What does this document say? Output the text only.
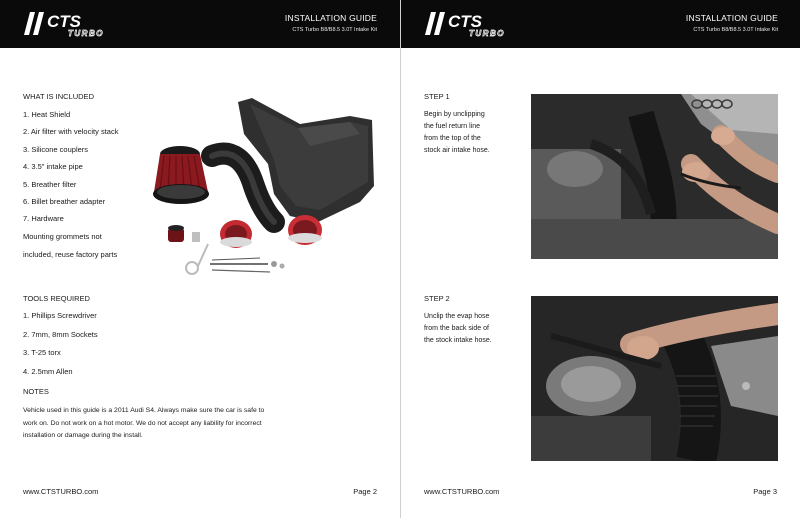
CTS
TURBO
INSTALLATION GUIDE
CTS Turbo B8/B8.5 3.0T Intake Kit
WHAT IS INCLUDED
1. Heat Shield
2. Air filter with velocity stack
3. Silicone couplers
4. 3.5" intake pipe
5. Breather filter
6. Billet breather adapter
7. Hardware
Mounting grommets not
included, reuse factory parts
TOOLS REQUIRED
1. Phillips Screwdriver
2. 7mm, 8mm Sockets
3. T-25 torx
4. 2.5mm Allen
NOTES
Vehicle used in this guide is a 2011 Audi S4. Always make sure the car is safe to work on. Do not work on a hot motor. We do not accept any liability for incorrect installation or damage during the install.
www.CTSTURBO.com	Page 2
CTS
TURBO
INSTALLATION GUIDE
CTS Turbo B8/B8.5 3.0T Intake Kit
STEP 1
Begin by unclipping
the fuel return line
from the top of the
stock air intake hose.
STEP 2
Unclip the evap hose
from the back side of
the stock intake hose.
www.CTSTURBO.com	Page 3
